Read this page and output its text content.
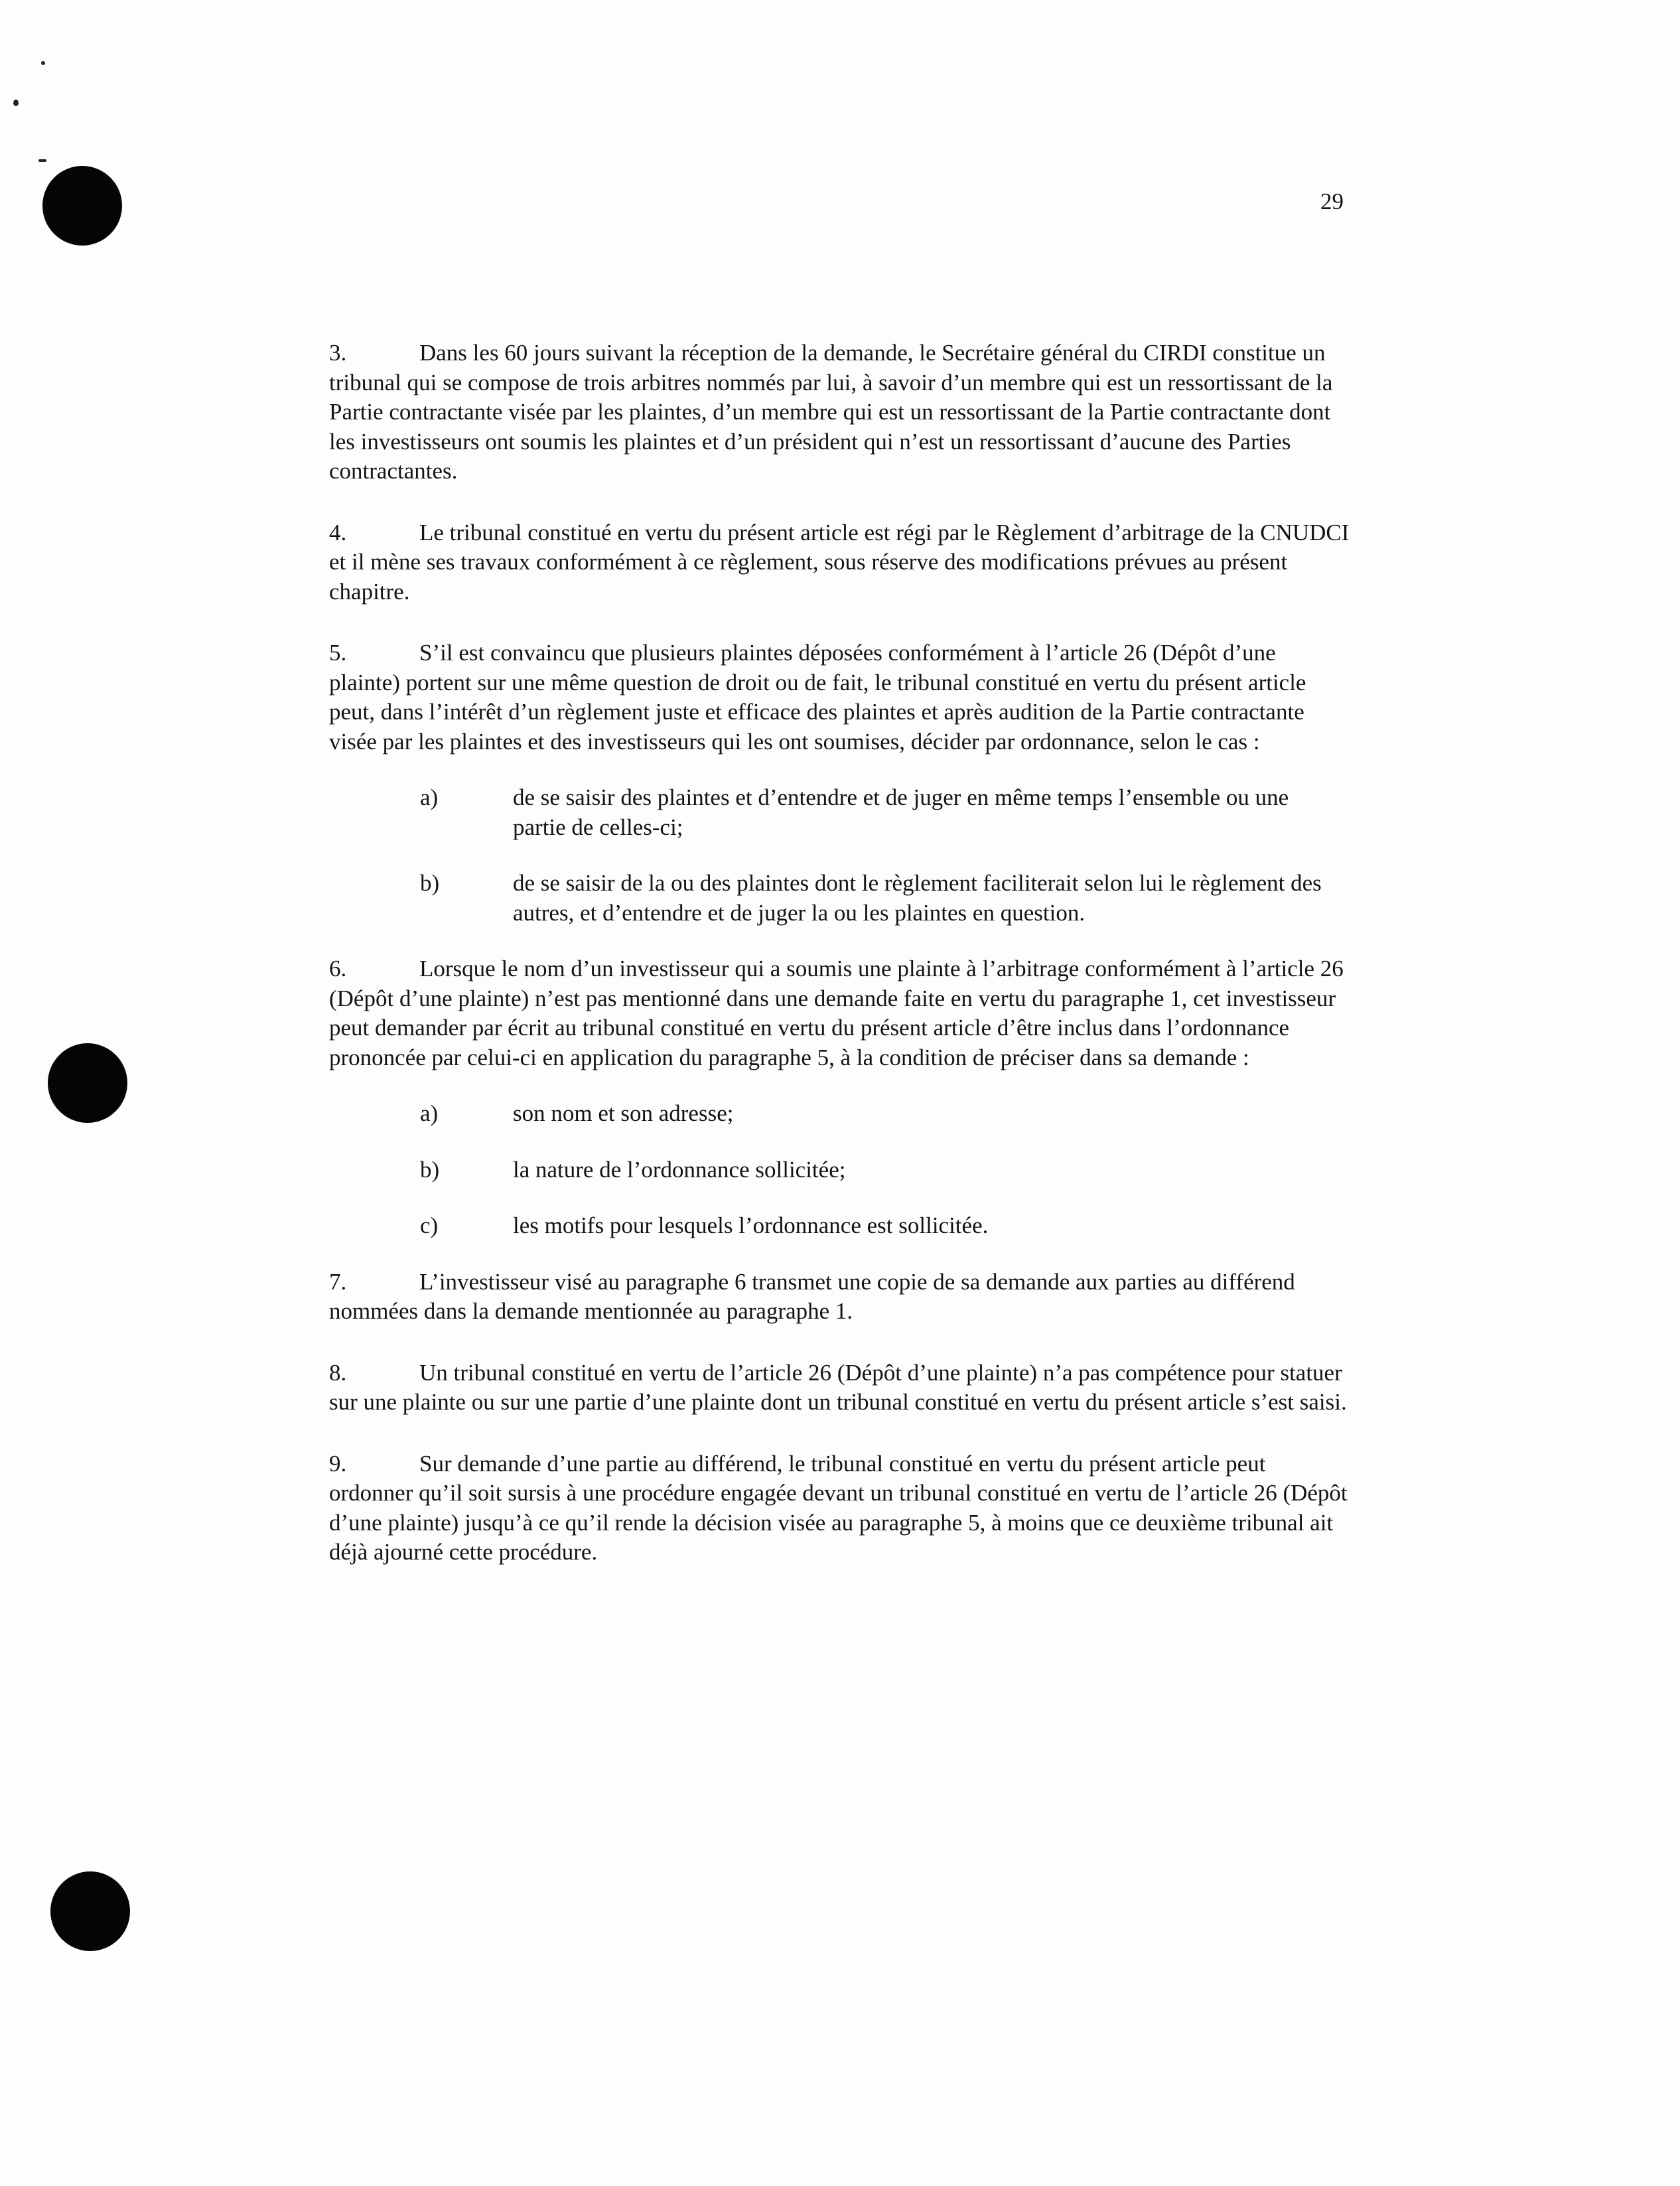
29

3.	Dans les 60 jours suivant la réception de la demande, le Secrétaire général du CIRDI constitue un tribunal qui se compose de trois arbitres nommés par lui, à savoir d’un membre qui est un ressortissant de la Partie contractante visée par les plaintes, d’un membre qui est un ressortissant de la Partie contractante dont les investisseurs ont soumis les plaintes et d’un président qui n’est un ressortissant d’aucune des Parties contractantes.

4.	Le tribunal constitué en vertu du présent article est régi par le Règlement d’arbitrage de la CNUDCI et il mène ses travaux conformément à ce règlement, sous réserve des modifications prévues au présent chapitre.

5.	S’il est convaincu que plusieurs plaintes déposées conformément à l’article 26 (Dépôt d’une plainte) portent sur une même question de droit ou de fait, le tribunal constitué en vertu du présent article peut, dans l’intérêt d’un règlement juste et efficace des plaintes et après audition de la Partie contractante visée par les plaintes et des investisseurs qui les ont soumises, décider par ordonnance, selon le cas :

a)	de se saisir des plaintes et d’entendre et de juger en même temps l’ensemble ou une partie de celles-ci;
b)	de se saisir de la ou des plaintes dont le règlement faciliterait selon lui le règlement des autres, et d’entendre et de juger la ou les plaintes en question.

6.	Lorsque le nom d’un investisseur qui a soumis une plainte à l’arbitrage conformément à l’article 26 (Dépôt d’une plainte) n’est pas mentionné dans une demande faite en vertu du paragraphe 1, cet investisseur peut demander par écrit au tribunal constitué en vertu du présent article d’être inclus dans l’ordonnance prononcée par celui-ci en application du paragraphe 5, à la condition de préciser dans sa demande :

a)	son nom et son adresse;
b)	la nature de l’ordonnance sollicitée;
c)	les motifs pour lesquels l’ordonnance est sollicitée.

7.	L’investisseur visé au paragraphe 6 transmet une copie de sa demande aux parties au différend nommées dans la demande mentionnée au paragraphe 1.

8.	Un tribunal constitué en vertu de l’article 26 (Dépôt d’une plainte) n’a pas compétence pour statuer sur une plainte ou sur une partie d’une plainte dont un tribunal constitué en vertu du présent article s’est saisi.

9.	Sur demande d’une partie au différend, le tribunal constitué en vertu du présent article peut ordonner qu’il soit sursis à une procédure engagée devant un tribunal constitué en vertu de l’article 26 (Dépôt d’une plainte) jusqu’à ce qu’il rende la décision visée au paragraphe 5, à moins que ce deuxième tribunal ait déjà ajourné cette procédure.
